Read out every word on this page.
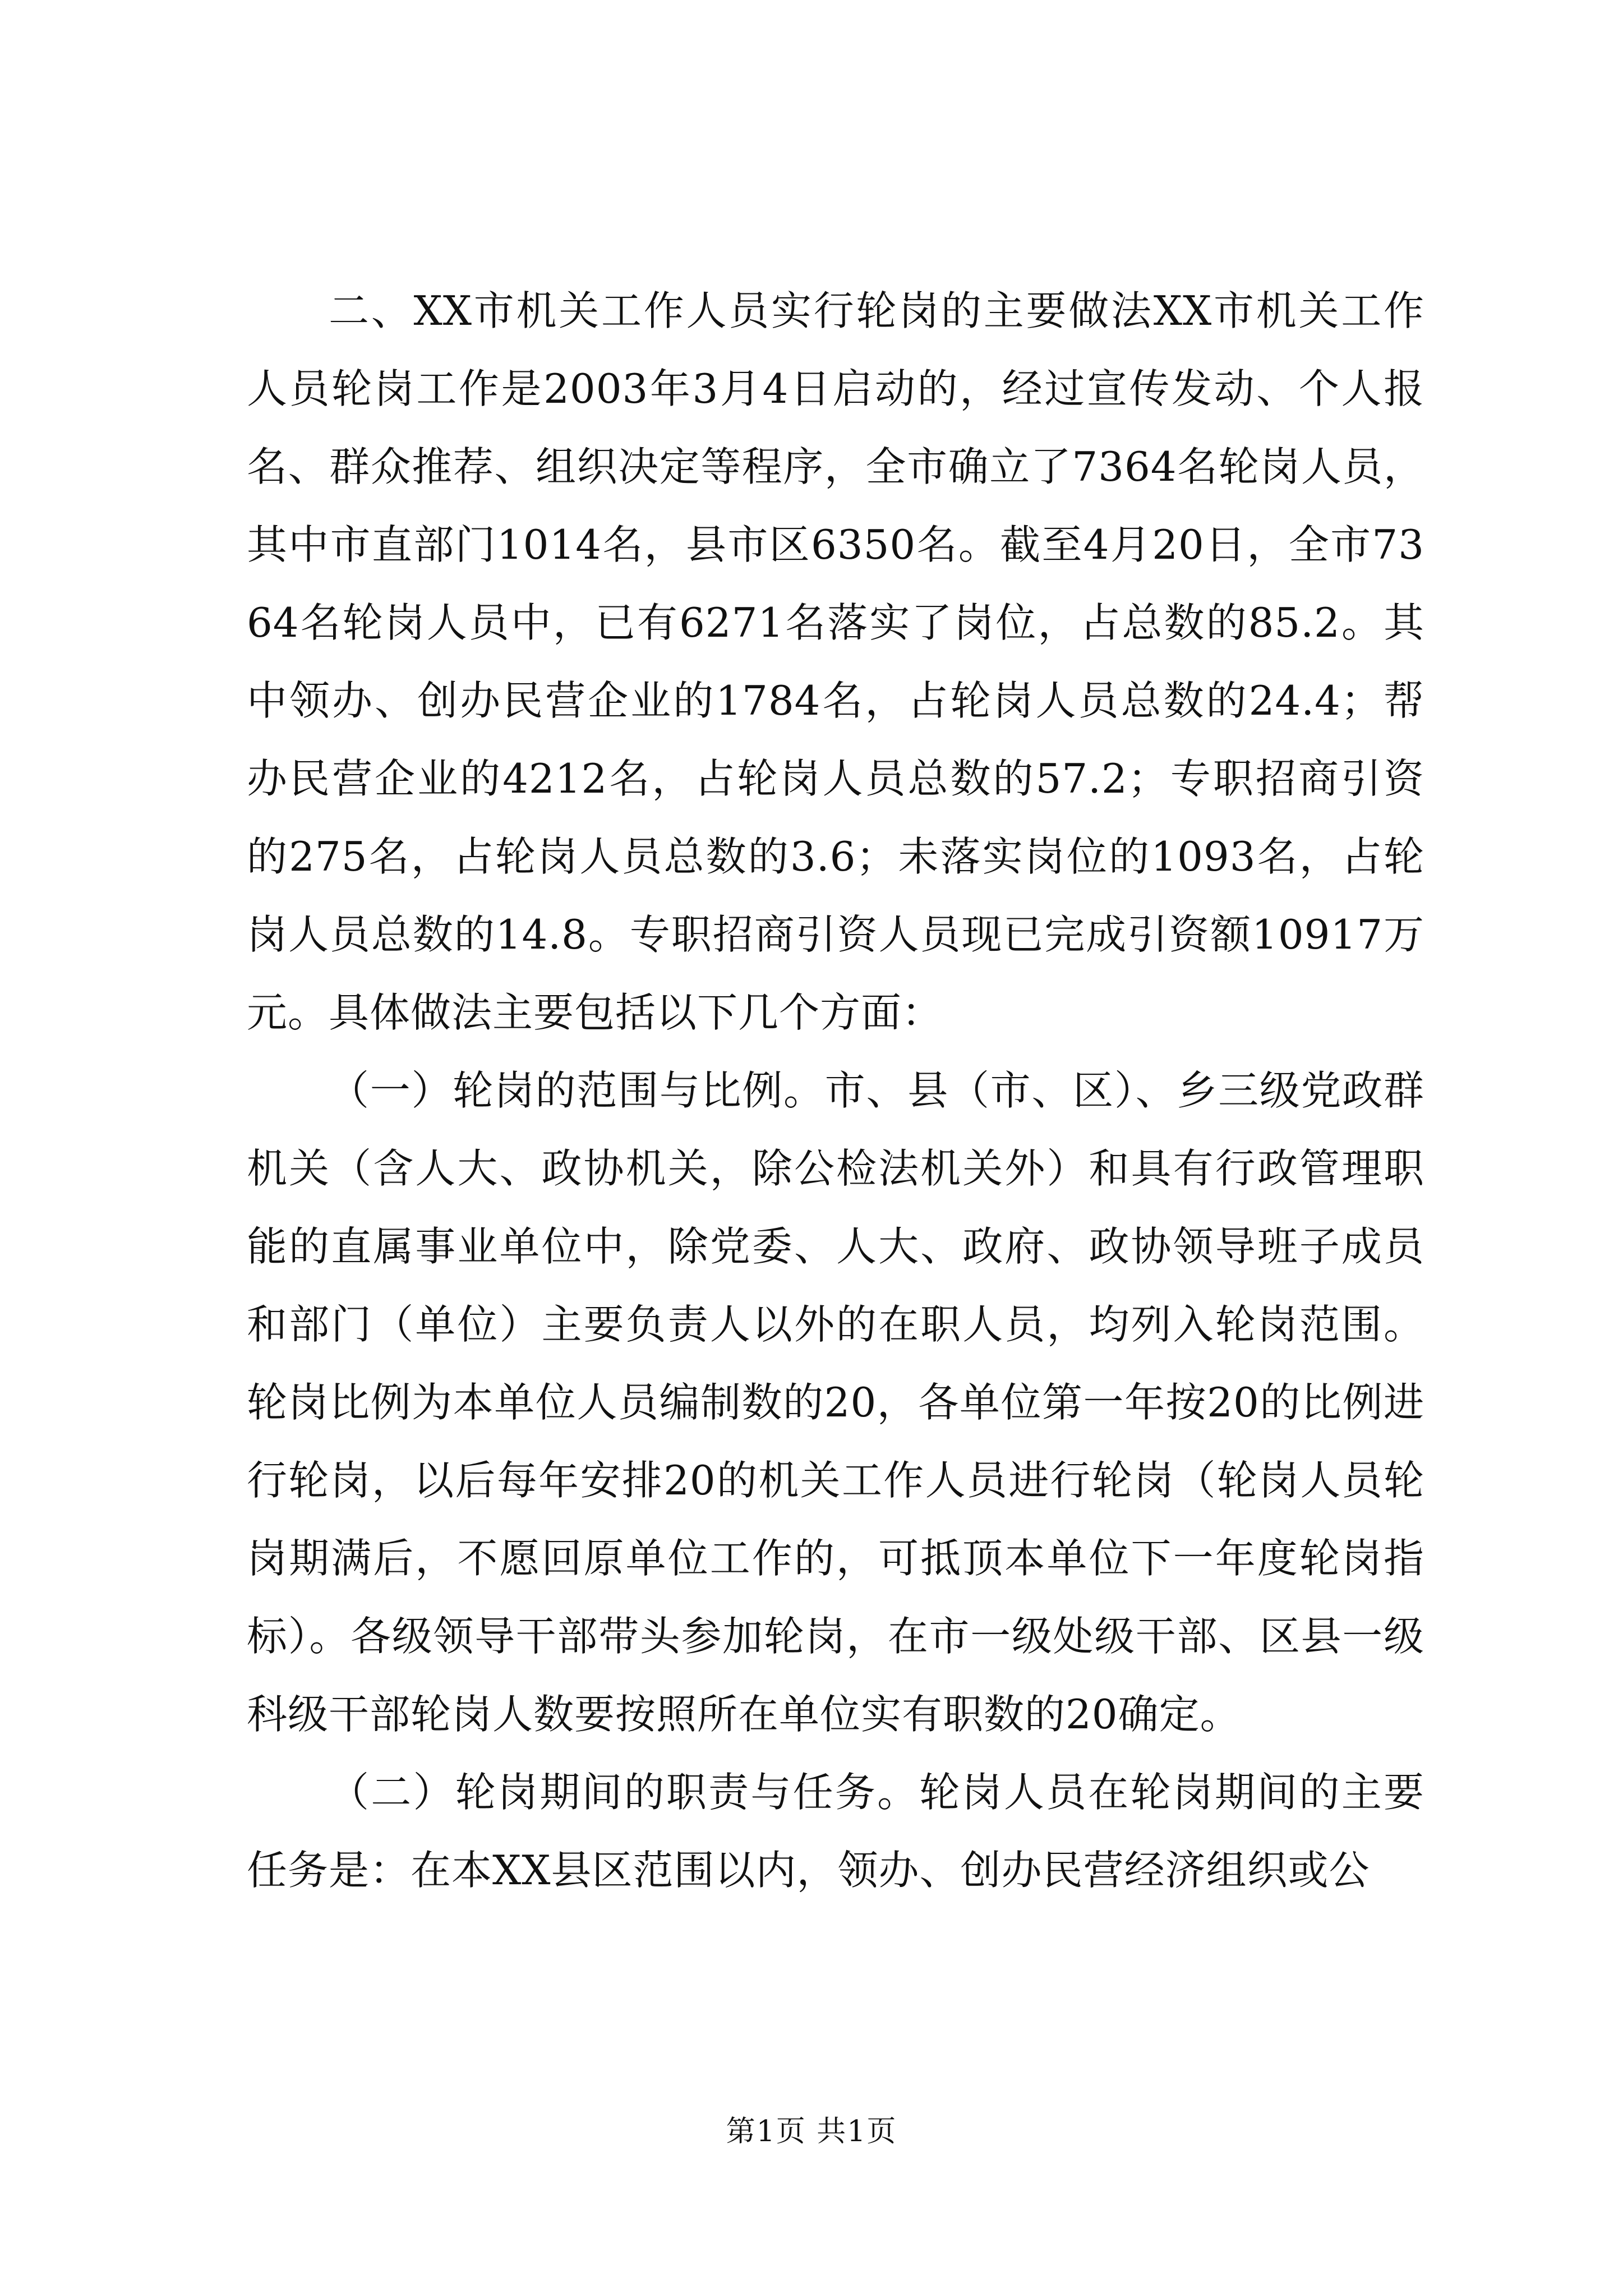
二、XX市机关工作人员实行轮岗的主要做法XX市机关工作人员轮岗工作是2003年3月4日启动的，经过宣传发动、个人报名、群众推荐、组织决定等程序，全市确立了7364名轮岗人员，其中市直部门1014名，县市区6350名。截至4月20日，全市7364名轮岗人员中，已有6271名落实了岗位，占总数的85.2。其中领办、创办民营企业的1784名，占轮岗人员总数的24.4；帮办民营企业的4212名，占轮岗人员总数的57.2；专职招商引资的275名，占轮岗人员总数的3.6；未落实岗位的1093名，占轮岗人员总数的14.8。专职招商引资人员现已完成引资额10917万元。具体做法主要包括以下几个方面：

（一）轮岗的范围与比例。市、县（市、区）、乡三级党政群机关（含人大、政协机关，除公检法机关外）和具有行政管理职能的直属事业单位中，除党委、人大、政府、政协领导班子成员和部门（单位）主要负责人以外的在职人员，均列入轮岗范围。轮岗比例为本单位人员编制数的20，各单位第一年按20的比例进行轮岗，以后每年安排20的机关工作人员进行轮岗（轮岗人员轮岗期满后，不愿回原单位工作的，可抵顶本单位下一年度轮岗指标）。各级领导干部带头参加轮岗，在市一级处级干部、区县一级科级干部轮岗人数要按照所在单位实有职数的20确定。

（二）轮岗期间的职责与任务。轮岗人员在轮岗期间的主要任务是：在本XX县区范围以内，领办、创办民营经济组织或公

第1页 共1页
